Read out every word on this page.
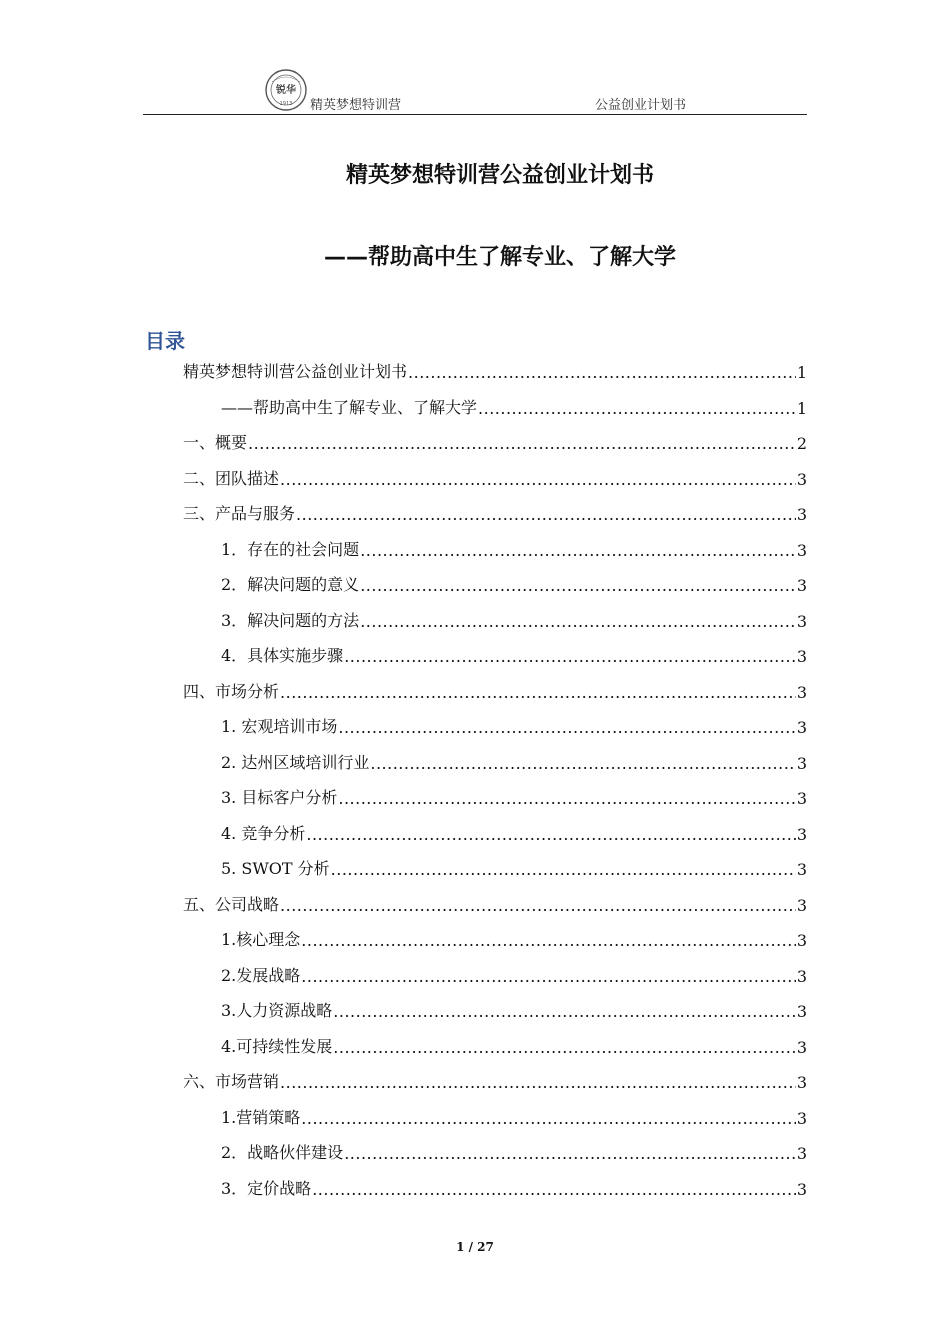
锐华
1913 精英梦想特训营	公益创业计划书
精英梦想特训营公益创业计划书
——帮助高中生了解专业、了解大学
目录
精英梦想特训营公益创业计划书 .....	1
——帮助高中生了解专业、了解大学 .....	1
一、概要 .....	2
二、团队描述 .....	3
三、产品与服务 .....	3
1．存在的社会问题 .....	3
2．解决问题的意义 .....	3
3．解决问题的方法 .....	3
4．具体实施步骤 .....	3
四、市场分析 .....	3
1. 宏观培训市场 .....	3
2. 达州区域培训行业 .....	3
3. 目标客户分析 .....	3
4. 竞争分析 .....	3
5. SWOT 分析 .....	3
五、公司战略 .....	3
1.核心理念 .....	3
2.发展战略 .....	3
3.人力资源战略 .....	3
4.可持续性发展 .....	3
六、市场营销 .....	3
1.营销策略 .....	3
2．战略伙伴建设 .....	3
3．定价战略 .....	3
1 / 27
